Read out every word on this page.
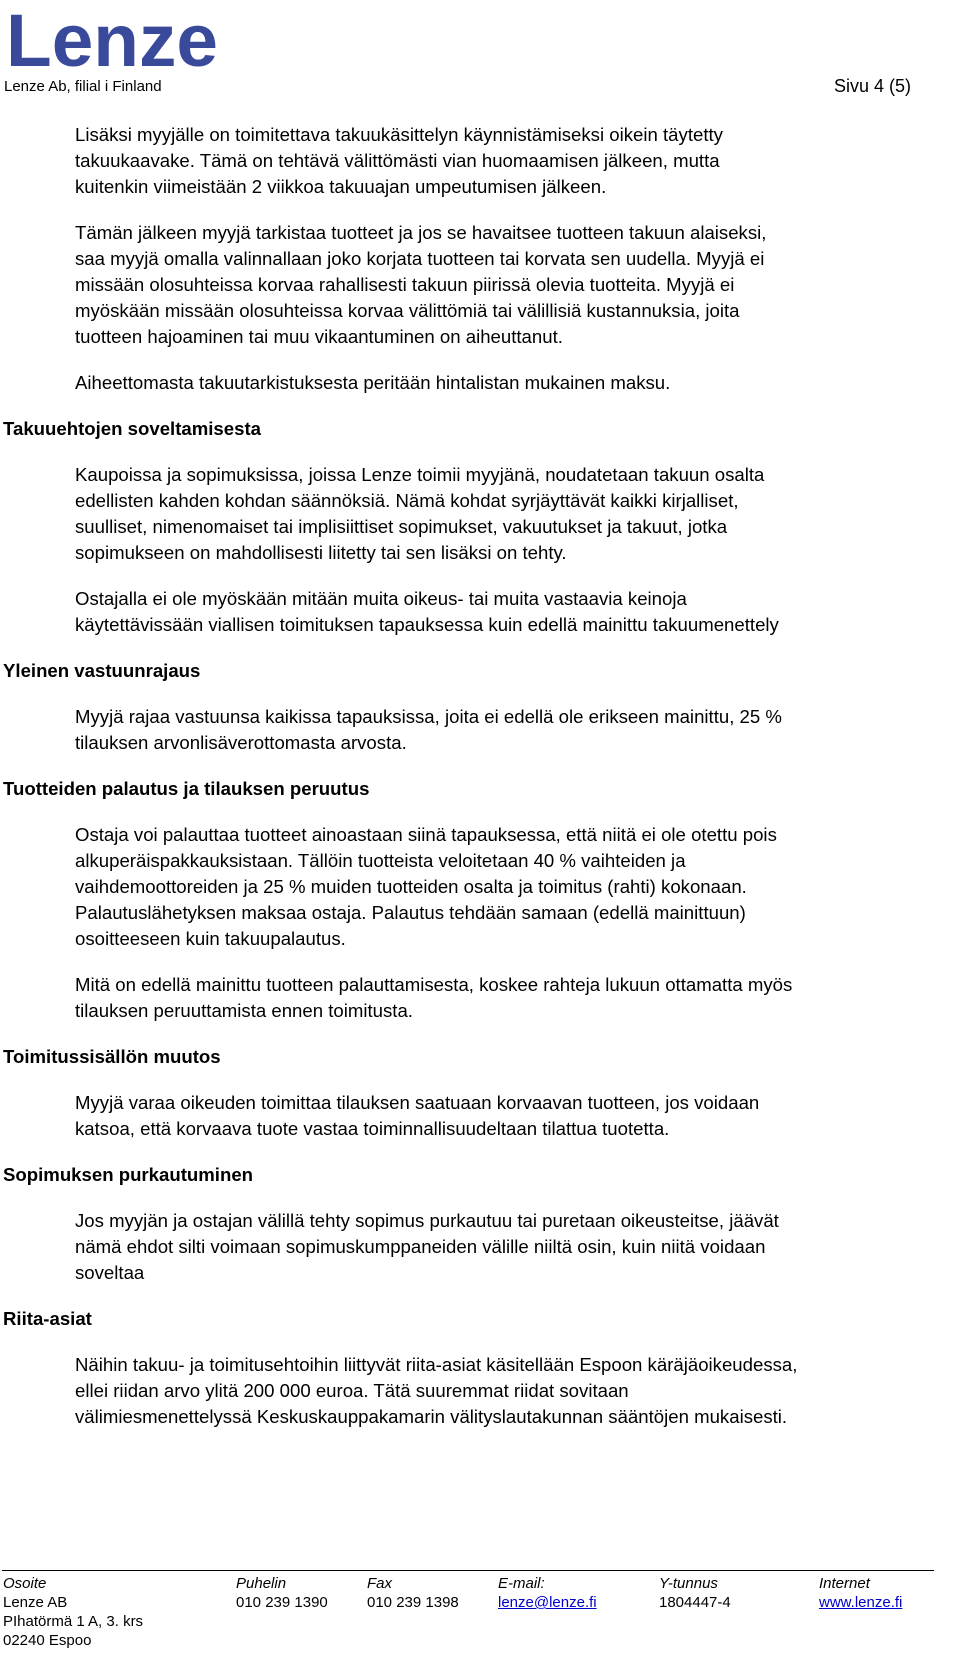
Lenze
Lenze Ab, filial i Finland	Sivu 4 (5)
Lisäksi myyjälle on toimitettava takuukäsittelyn käynnistämiseksi oikein täytetty
takuukaavake. Tämä on tehtävä välittömästi vian huomaamisen jälkeen, mutta
kuitenkin viimeistään 2 viikkoa takuuajan umpeutumisen jälkeen.
Tämän jälkeen myyjä tarkistaa tuotteet ja jos se havaitsee tuotteen takuun alaiseksi,
saa myyjä omalla valinnallaan joko korjata tuotteen tai korvata sen uudella. Myyjä ei
missään olosuhteissa korvaa rahallisesti takuun piirissä olevia tuotteita. Myyjä ei
myöskään missään olosuhteissa korvaa välittömiä tai välillisiä kustannuksia, joita
tuotteen hajoaminen tai muu vikaantuminen on aiheuttanut.
Aiheettomasta takuutarkistuksesta peritään hintalistan mukainen maksu.
Takuuehtojen soveltamisesta
Kaupoissa ja sopimuksissa, joissa Lenze toimii myyjänä, noudatetaan takuun osalta
edellisten kahden kohdan säännöksiä. Nämä kohdat syrjäyttävät kaikki kirjalliset,
suulliset, nimenomaiset tai implisiittiset sopimukset, vakuutukset ja takuut, jotka
sopimukseen on mahdollisesti liitetty tai sen lisäksi on tehty.
Ostajalla ei ole myöskään mitään muita oikeus- tai muita vastaavia keinoja
käytettävissään viallisen toimituksen tapauksessa kuin edellä mainittu takuumenettely
Yleinen vastuunrajaus
Myyjä rajaa vastuunsa kaikissa tapauksissa, joita ei edellä ole erikseen mainittu, 25 %
tilauksen arvonlisäverottomasta arvosta.
Tuotteiden palautus ja tilauksen peruutus
Ostaja voi palauttaa tuotteet ainoastaan siinä tapauksessa, että niitä ei ole otettu pois
alkuperäispakkauksistaan. Tällöin tuotteista veloitetaan 40 % vaihteiden ja
vaihdemoottoreiden ja 25 % muiden tuotteiden osalta ja toimitus (rahti) kokonaan.
Palautuslähetyksen maksaa ostaja. Palautus tehdään samaan (edellä mainittuun)
osoitteeseen kuin takuupalautus.
Mitä on edellä mainittu tuotteen palauttamisesta, koskee rahteja lukuun ottamatta myös
tilauksen peruuttamista ennen toimitusta.
Toimitussisällön muutos
Myyjä varaa oikeuden toimittaa tilauksen saatuaan korvaavan tuotteen, jos voidaan
katsoa, että korvaava tuote vastaa toiminnallisuudeltaan tilattua tuotetta.
Sopimuksen purkautuminen
Jos myyjän ja ostajan välillä tehty sopimus purkautuu tai puretaan oikeusteitse, jäävät
nämä ehdot silti voimaan sopimuskumppaneiden välille niiltä osin, kuin niitä voidaan
soveltaa
Riita-asiat
Näihin takuu- ja toimitusehtoihin liittyvät riita-asiat käsitellään Espoon käräjäoikeudessa,
ellei riidan arvo ylitä 200 000 euroa. Tätä suuremmat riidat sovitaan
välimiesmenettelyssä Keskuskauppakamarin välityslautakunnan sääntöjen mukaisesti.
Osoite
Lenze AB
PIhatörmä 1 A, 3. krs
02240 Espoo
Puhelin
010 239 1390
Fax
010 239 1398
E-mail:
lenze@lenze.fi
Y-tunnus
1804447-4
Internet
www.lenze.fi
